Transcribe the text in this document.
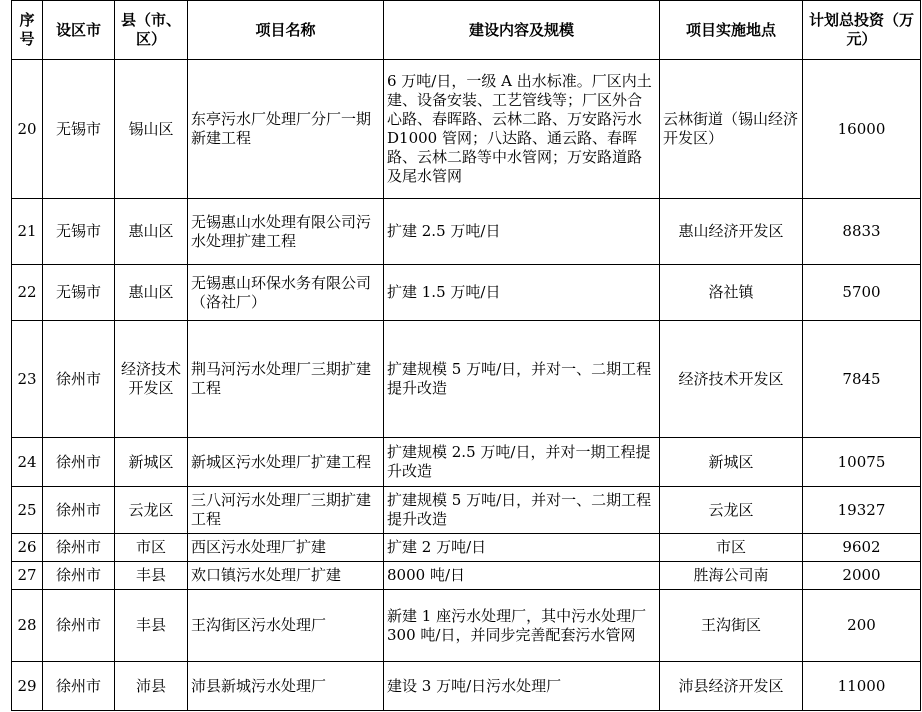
序号	设区市	县（市、区）	项目名称	建设内容及规模	项目实施地点	计划总投资（万元）
20	无锡市	锡山区	东亭污水厂处理厂分厂一期新建工程	6 万吨/日，一级 A 出水标准。厂区内土建、设备安装、工艺管线等；厂区外合心路、春晖路、云林二路、万安路污水 D1000 管网；八达路、通云路、春晖路、云林二路等中水管网；万安路道路及尾水管网	云林街道（锡山经济开发区）	16000
21	无锡市	惠山区	无锡惠山水处理有限公司污水处理扩建工程	扩建 2.5 万吨/日	惠山经济开发区	8833
22	无锡市	惠山区	无锡惠山环保水务有限公司（洛社厂）	扩建 1.5 万吨/日	洛社镇	5700
23	徐州市	经济技术开发区	荆马河污水处理厂三期扩建工程	扩建规模 5 万吨/日，并对一、二期工程提升改造	经济技术开发区	7845
24	徐州市	新城区	新城区污水处理厂扩建工程	扩建规模 2.5 万吨/日，并对一期工程提升改造	新城区	10075
25	徐州市	云龙区	三八河污水处理厂三期扩建工程	扩建规模 5 万吨/日，并对一、二期工程提升改造	云龙区	19327
26	徐州市	市区	西区污水处理厂扩建	扩建 2 万吨/日	市区	9602
27	徐州市	丰县	欢口镇污水处理厂扩建	8000 吨/日	胜海公司南	2000
28	徐州市	丰县	王沟街区污水处理厂	新建 1 座污水处理厂，其中污水处理厂 300 吨/日，并同步完善配套污水管网	王沟街区	200
29	徐州市	沛县	沛县新城污水处理厂	建设 3 万吨/日污水处理厂	沛县经济开发区	11000
